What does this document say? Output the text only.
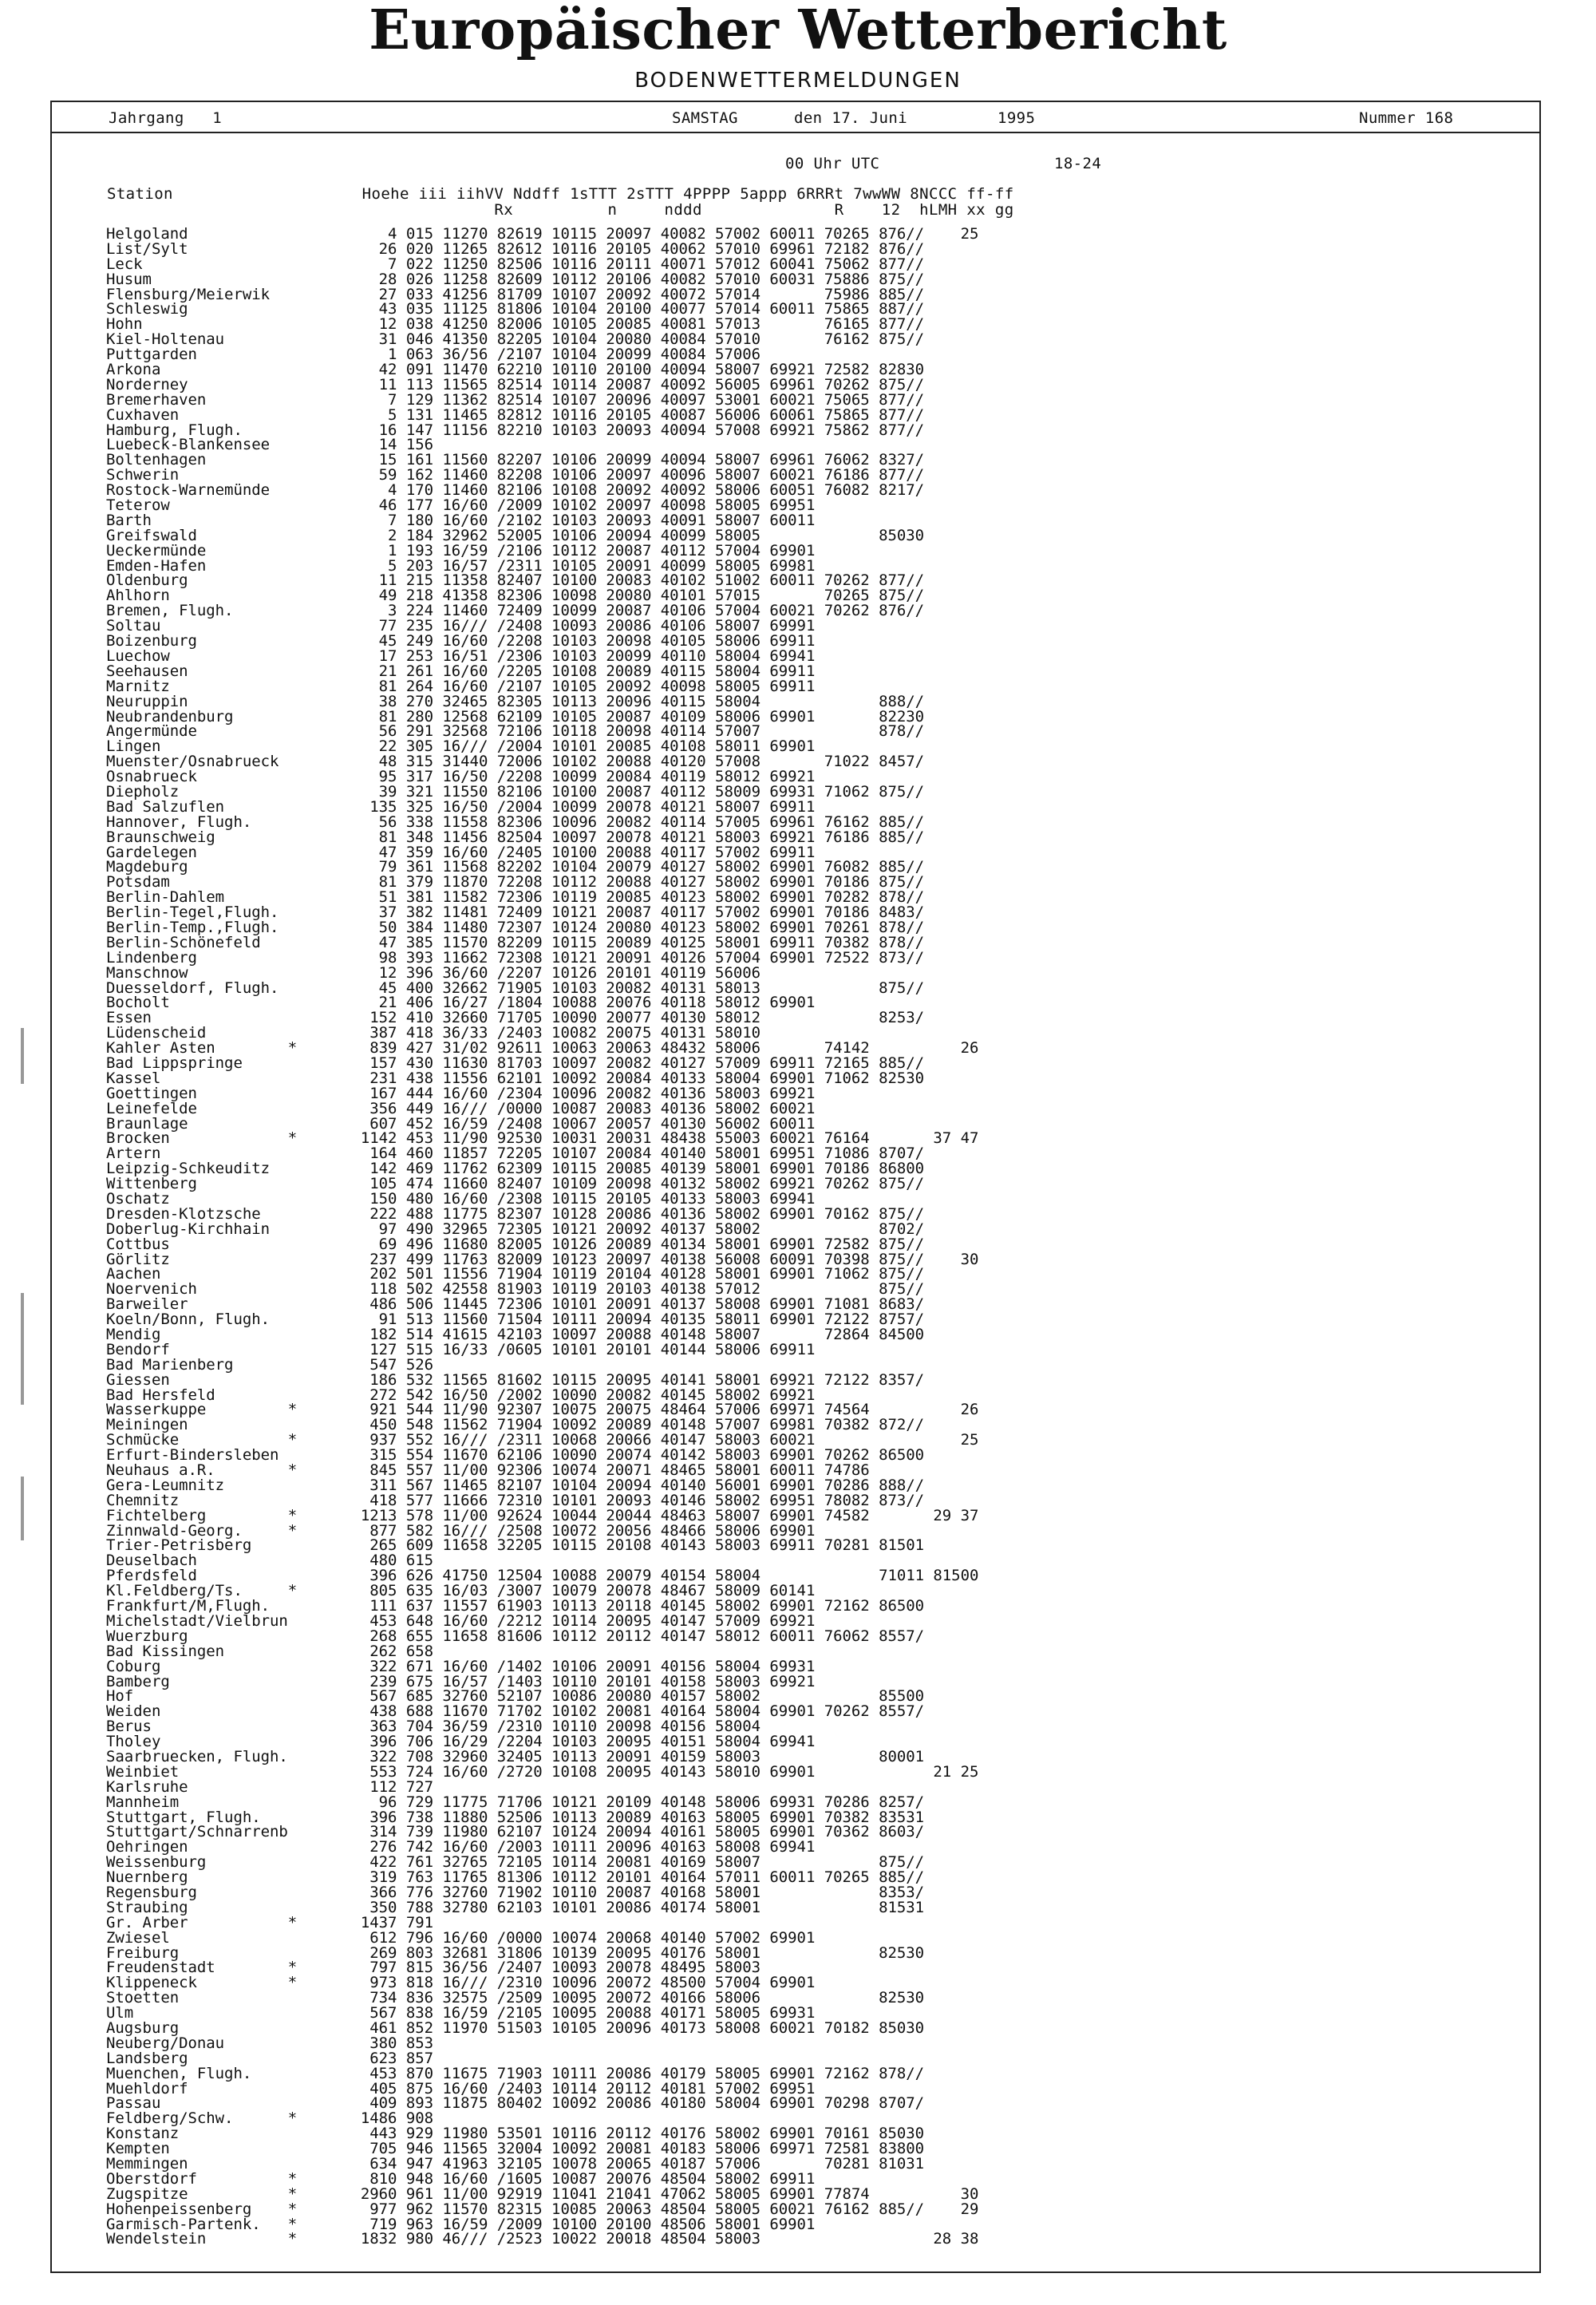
Europäischer Wetterbericht
BODENWETTERMELDUNGEN
Jahrgang   1	SAMSTAG	den 17. Juni	1995	Nummer 168
00 Uhr UTC	18-24
Station                    Hoehe iii iihVV Nddff 1sTTT 2sTTT 4PPPP 5appp 6RRRt 7wwWW 8NCCC ff-ff
Rx          n     nddd              R    12  hLMH xx gg
Helgoland                      4 015 11270 82619 10115 20097 40082 57002 60011 70265 876//    25
List/Sylt                     26 020 11265 82612 10116 20105 40062 57010 69961 72182 876//
Leck                           7 022 11250 82506 10116 20111 40071 57012 60041 75062 877//
Husum                         28 026 11258 82609 10112 20106 40082 57010 60031 75886 875//
Flensburg/Meierwik            27 033 41256 81709 10107 20092 40072 57014       75986 885//
Schleswig                     43 035 11125 81806 10104 20100 40077 57014 60011 75865 887//
Hohn                          12 038 41250 82006 10105 20085 40081 57013       76165 877//
Kiel-Holtenau                 31 046 41350 82205 10104 20080 40084 57010       76162 875//
Puttgarden                     1 063 36/56 /2107 10104 20099 40084 57006
Arkona                        42 091 11470 62210 10110 20100 40094 58007 69921 72582 82830
Norderney                     11 113 11565 82514 10114 20087 40092 56005 69961 70262 875//
Bremerhaven                    7 129 11362 82514 10107 20096 40097 53001 60021 75065 877//
Cuxhaven                       5 131 11465 82812 10116 20105 40087 56006 60061 75865 877//
Hamburg, Flugh.               16 147 11156 82210 10103 20093 40094 57008 69921 75862 877//
Luebeck-Blankensee            14 156
Boltenhagen                   15 161 11560 82207 10106 20099 40094 58007 69961 76062 8327/
Schwerin                      59 162 11460 82208 10106 20097 40096 58007 60021 76186 877//
Rostock-Warnemünde             4 170 11460 82106 10108 20092 40092 58006 60051 76082 8217/
Teterow                       46 177 16/60 /2009 10102 20097 40098 58005 69951
Barth                          7 180 16/60 /2102 10103 20093 40091 58007 60011
Greifswald                     2 184 32962 52005 10106 20094 40099 58005             85030
Ueckermünde                    1 193 16/59 /2106 10112 20087 40112 57004 69901
Emden-Hafen                    5 203 16/57 /2311 10105 20091 40099 58005 69981
Oldenburg                     11 215 11358 82407 10100 20083 40102 51002 60011 70262 877//
Ahlhorn                       49 218 41358 82306 10098 20080 40101 57015       70265 875//
Bremen, Flugh.                 3 224 11460 72409 10099 20087 40106 57004 60021 70262 876//
Soltau                        77 235 16/// /2408 10093 20086 40106 58007 69991
Boizenburg                    45 249 16/60 /2208 10103 20098 40105 58006 69911
Luechow                       17 253 16/51 /2306 10103 20099 40110 58004 69941
Seehausen                     21 261 16/60 /2205 10108 20089 40115 58004 69911
Marnitz                       81 264 16/60 /2107 10105 20092 40098 58005 69911
Neuruppin                     38 270 32465 82305 10113 20096 40115 58004             888//
Neubrandenburg                81 280 12568 62109 10105 20087 40109 58006 69901       82230
Angermünde                    56 291 32568 72106 10118 20098 40114 57007             878//
Lingen                        22 305 16/// /2004 10101 20085 40108 58011 69901
Muenster/Osnabrueck           48 315 31440 72006 10102 20088 40120 57008       71022 8457/
Osnabrueck                    95 317 16/50 /2208 10099 20084 40119 58012 69921
Diepholz                      39 321 11550 82106 10100 20087 40112 58009 69931 71062 875//
Bad Salzuflen                135 325 16/50 /2004 10099 20078 40121 58007 69911
Hannover, Flugh.              56 338 11558 82306 10096 20082 40114 57005 69961 76162 885//
Braunschweig                  81 348 11456 82504 10097 20078 40121 58003 69921 76186 885//
Gardelegen                    47 359 16/60 /2405 10100 20088 40117 57002 69911
Magdeburg                     79 361 11568 82202 10104 20079 40127 58002 69901 76082 885//
Potsdam                       81 379 11870 72208 10112 20088 40127 58002 69901 70186 875//
Berlin-Dahlem                 51 381 11582 72306 10119 20085 40123 58002 69901 70282 878//
Berlin-Tegel,Flugh.           37 382 11481 72409 10121 20087 40117 57002 69901 70186 8483/
Berlin-Temp.,Flugh.           50 384 11480 72307 10124 20080 40123 58002 69901 70261 878//
Berlin-Schönefeld             47 385 11570 82209 10115 20089 40125 58001 69911 70382 878//
Lindenberg                    98 393 11662 72308 10121 20091 40126 57004 69901 72522 873//
Manschnow                     12 396 36/60 /2207 10126 20101 40119 56006
Duesseldorf, Flugh.           45 400 32662 71905 10103 20082 40131 58013             875//
Bocholt                       21 406 16/27 /1804 10088 20076 40118 58012 69901
Essen                        152 410 32660 71705 10090 20077 40130 58012             8253/
Lüdenscheid                  387 418 36/33 /2403 10082 20075 40131 58010
Kahler Asten        *        839 427 31/02 92611 10063 20063 48432 58006       74142          26
Bad Lippspringe              157 430 11630 81703 10097 20082 40127 57009 69911 72165 885//
Kassel                       231 438 11556 62101 10092 20084 40133 58004 69901 71062 82530
Goettingen                   167 444 16/60 /2304 10096 20082 40136 58003 69921
Leinefelde                   356 449 16/// /0000 10087 20083 40136 58002 60021
Braunlage                    607 452 16/59 /2408 10067 20057 40130 56002 60011
Brocken             *       1142 453 11/90 92530 10031 20031 48438 55003 60021 76164       37 47
Artern                       164 460 11857 72205 10107 20084 40140 58001 69951 71086 8707/
Leipzig-Schkeuditz           142 469 11762 62309 10115 20085 40139 58001 69901 70186 86800
Wittenberg                   105 474 11660 82407 10109 20098 40132 58002 69921 70262 875//
Oschatz                      150 480 16/60 /2308 10115 20105 40133 58003 69941
Dresden-Klotzsche            222 488 11775 82307 10128 20086 40136 58002 69901 70162 875//
Doberlug-Kirchhain            97 490 32965 72305 10121 20092 40137 58002             8702/
Cottbus                       69 496 11680 82005 10126 20089 40134 58001 69901 72582 875//
Görlitz                      237 499 11763 82009 10123 20097 40138 56008 60091 70398 875//    30
Aachen                       202 501 11556 71904 10119 20104 40128 58001 69901 71062 875//
Noervenich                   118 502 42558 81903 10119 20103 40138 57012             875//
Barweiler                    486 506 11445 72306 10101 20091 40137 58008 69901 71081 8683/
Koeln/Bonn, Flugh.            91 513 11560 71504 10111 20094 40135 58011 69901 72122 8757/
Mendig                       182 514 41615 42103 10097 20088 40148 58007       72864 84500
Bendorf                      127 515 16/33 /0605 10101 20101 40144 58006 69911
Bad Marienberg               547 526
Giessen                      186 532 11565 81602 10115 20095 40141 58001 69921 72122 8357/
Bad Hersfeld                 272 542 16/50 /2002 10090 20082 40145 58002 69921
Wasserkuppe         *        921 544 11/90 92307 10075 20075 48464 57006 69971 74564          26
Meiningen                    450 548 11562 71904 10092 20089 40148 57007 69981 70382 872//
Schmücke            *        937 552 16/// /2311 10068 20066 40147 58003 60021                25
Erfurt-Bindersleben          315 554 11670 62106 10090 20074 40142 58003 69901 70262 86500
Neuhaus a.R.        *        845 557 11/00 92306 10074 20071 48465 58001 60011 74786
Gera-Leumnitz                311 567 11465 82107 10104 20094 40140 56001 69901 70286 888//
Chemnitz                     418 577 11666 72310 10101 20093 40146 58002 69951 78082 873//
Fichtelberg         *       1213 578 11/00 92624 10044 20044 48463 58007 69901 74582       29 37
Zinnwald-Georg.     *        877 582 16/// /2508 10072 20056 48466 58006 69901
Trier-Petrisberg             265 609 11658 32205 10115 20108 40143 58003 69911 70281 81501
Deuselbach                   480 615
Pferdsfeld                   396 626 41750 12504 10088 20079 40154 58004             71011 81500
Kl.Feldberg/Ts.     *        805 635 16/03 /3007 10079 20078 48467 58009 60141
Frankfurt/M,Flugh.           111 637 11557 61903 10113 20118 40145 58002 69901 72162 86500
Michelstadt/Vielbrun         453 648 16/60 /2212 10114 20095 40147 57009 69921
Wuerzburg                    268 655 11658 81606 10112 20112 40147 58012 60011 76062 8557/
Bad Kissingen                262 658
Coburg                       322 671 16/60 /1402 10106 20091 40156 58004 69931
Bamberg                      239 675 16/57 /1403 10110 20101 40158 58003 69921
Hof                          567 685 32760 52107 10086 20080 40157 58002             85500
Weiden                       438 688 11670 71702 10102 20081 40164 58004 69901 70262 8557/
Berus                        363 704 36/59 /2310 10110 20098 40156 58004
Tholey                       396 706 16/29 /2204 10103 20095 40151 58004 69941
Saarbruecken, Flugh.         322 708 32960 32405 10113 20091 40159 58003             80001
Weinbiet                     553 724 16/60 /2720 10108 20095 40143 58010 69901             21 25
Karlsruhe                    112 727
Mannheim                      96 729 11775 71706 10121 20109 40148 58006 69931 70286 8257/
Stuttgart, Flugh.            396 738 11880 52506 10113 20089 40163 58005 69901 70382 83531
Stuttgart/Schnarrenb         314 739 11980 62107 10124 20094 40161 58005 69901 70362 8603/
Oehringen                    276 742 16/60 /2003 10111 20096 40163 58008 69941
Weissenburg                  422 761 32765 72105 10114 20081 40169 58007             875//
Nuernberg                    319 763 11765 81306 10112 20101 40164 57011 60011 70265 885//
Regensburg                   366 776 32760 71902 10110 20087 40168 58001             8353/
Straubing                    350 788 32780 62103 10101 20086 40174 58001             81531
Gr. Arber           *       1437 791
Zwiesel                      612 796 16/60 /0000 10074 20068 40140 57002 69901
Freiburg                     269 803 32681 31806 10139 20095 40176 58001             82530
Freudenstadt        *        797 815 36/56 /2407 10093 20078 48495 58003
Klippeneck          *        973 818 16/// /2310 10096 20072 48500 57004 69901
Stoetten                     734 836 32575 /2509 10095 20072 40166 58006             82530
Ulm                          567 838 16/59 /2105 10095 20088 40171 58005 69931
Augsburg                     461 852 11970 51503 10105 20096 40173 58008 60021 70182 85030
Neuberg/Donau                380 853
Landsberg                    623 857
Muenchen, Flugh.             453 870 11675 71903 10111 20086 40179 58005 69901 72162 878//
Muehldorf                    405 875 16/60 /2403 10114 20112 40181 57002 69951
Passau                       409 893 11875 80402 10092 20086 40180 58004 69901 70298 8707/
Feldberg/Schw.      *       1486 908
Konstanz                     443 929 11980 53501 10116 20112 40176 58002 69901 70161 85030
Kempten                      705 946 11565 32004 10092 20081 40183 58006 69971 72581 83800
Memmingen                    634 947 41963 32105 10078 20065 40187 57006       70281 81031
Oberstdorf          *        810 948 16/60 /1605 10087 20076 48504 58002 69911
Zugspitze           *       2960 961 11/00 92919 11041 21041 47062 58005 69901 77874          30
Hohenpeissenberg    *        977 962 11570 82315 10085 20063 48504 58005 60021 76162 885//    29
Garmisch-Partenk.   *        719 963 16/59 /2009 10100 20100 48506 58001 69901
Wendelstein         *       1832 980 46/// /2523 10022 20018 48504 58003                   28 38
